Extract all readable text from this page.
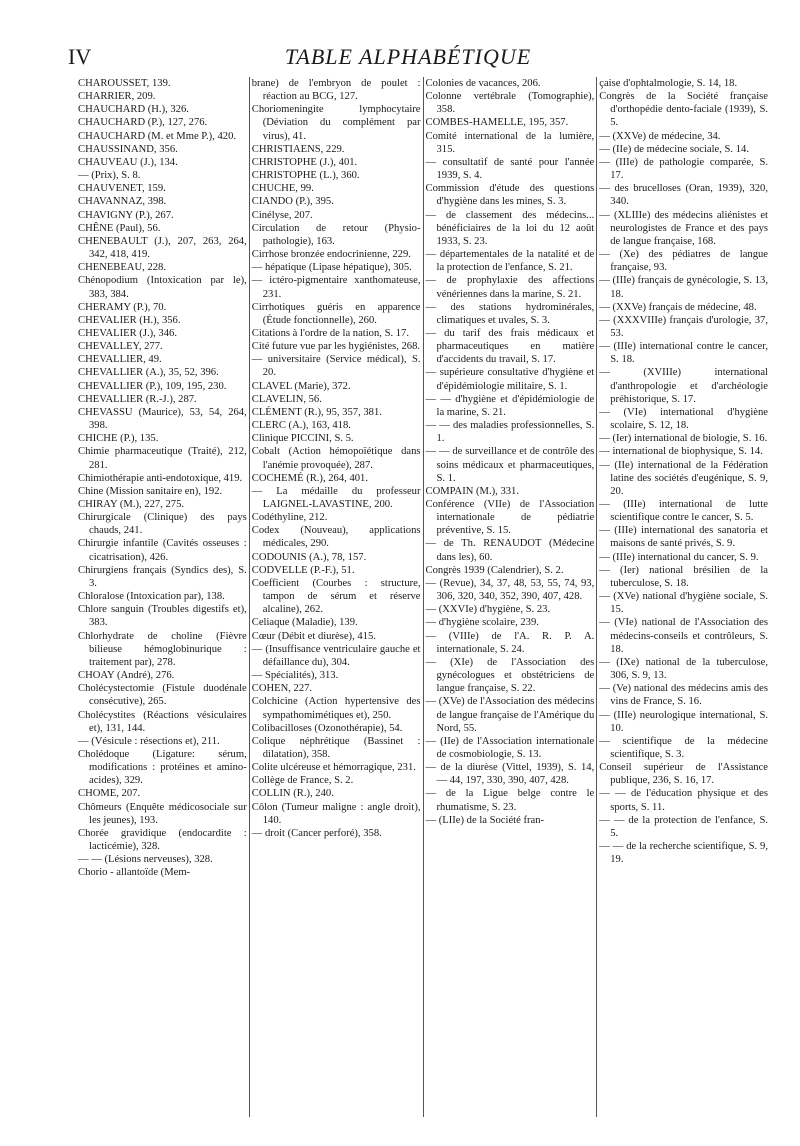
IV	TABLE ALPHABÉTIQUE

CHAROUSSET, 139.

CHARRIER, 209.

CHAUCHARD (H.), 326.

CHAUCHARD (P.), 127, 276.

CHAUCHARD (M. et Mme P.), 420.

CHAUSSINAND, 356.

CHAUVEAU (J.), 134.

— (Prix), S. 8.

CHAUVENET, 159.

CHAVANNAZ, 398.

CHAVIGNY (P.), 267.

CHÊNE (Paul), 56.

CHENEBAULT (J.), 207, 263, 264, 342, 418, 419.

CHENEBEAU, 228.

Chénopodium (Intoxication par le), 383, 384.

CHERAMY (P.), 70.

CHEVALIER (H.), 356.

CHEVALIER (J.), 346.

CHEVALLEY, 277.

CHEVALLIER, 49.

CHEVALLIER (A.), 35, 52, 396.

CHEVALLIER (P.), 109, 195, 230.

CHEVALLIER (R.-J.), 287.

CHEVASSU (Maurice), 53, 54, 264, 398.

CHICHE (P.), 135.

Chimie pharmaceutique (Traité), 212, 281.

Chimiothérapie anti-endotoxique, 419.

Chine (Mission sanitaire en), 192.

CHIRAY (M.), 227, 275.

Chirurgicale (Clinique) des pays chauds, 241.

Chirurgie infantile (Cavités osseuses : cicatrisation), 426.

Chirurgiens français (Syndics des), S. 3.

Chloralose (Intoxication par), 138.

Chlore sanguin (Troubles digestifs et), 383.

Chlorhydrate de choline (Fièvre bilieuse hémoglobinurique : traitement par), 278.

CHOAY (André), 276.

Cholécystectomie (Fistule duodénale consécutive), 265.

Cholécystites (Réactions vésiculaires et), 131, 144.

— (Vésicule : résections et), 211.

Cholédoque (Ligature: sérum, modifications : protéines et amino-acides), 329.

CHOME, 207.

Chômeurs (Enquête médicosociale sur les jeunes), 193.

Chorée gravidique (endocardite : lacticémie), 328.

— — (Lésions nerveuses), 328.

Chorio - allantoïde (Mem-

brane) de l'embryon de poulet : réaction au BCG, 127.

Choriomeningite lymphocytaire (Déviation du complément par virus), 41.

CHRISTIAENS, 229.

CHRISTOPHE (J.), 401.

CHRISTOPHE (L.), 360.

CHUCHE, 99.

CIANDO (P.), 395.

Cinélyse, 207.

Circulation de retour (Physio-pathologie), 163.

Cirrhose bronzée endocrinienne, 229.

— hépatique (Lipase hépatique), 305.

— ictéro-pigmentaire xanthomateuse, 231.

Cirrhotiques guéris en apparence (Étude fonctionnelle), 260.

Citations à l'ordre de la nation, S. 17.

Cité future vue par les hygiénistes, 268.

— universitaire (Service médical), S. 20.

CLAVEL (Marie), 372.

CLAVELIN, 56.

CLÉMENT (R.), 95, 357, 381.

CLERC (A.), 163, 418.

Clinique PICCINI, S. 5.

Cobalt (Action hémopoïétique dans l'anémie provoquée), 287.

COCHEMÉ (R.), 264, 401.

— La médaille du professeur LAIGNEL-LAVASTINE, 200.

Codéthyline, 212.

Codex (Nouveau), applications médicales, 290.

CODOUNIS (A.), 78, 157.

CODVELLE (P.-F.), 51.

Coefficient (Courbes : structure, tampon de sérum et réserve alcaline), 262.

Celiaque (Maladie), 139.

Cœur (Débit et diurèse), 415.

— (Insuffisance ventriculaire gauche et défaillance du), 304.

— Spécialités), 313.

COHEN, 227.

Colchicine (Action hypertensive des sympathomimétiques et), 250.

Colibacilloses (Ozonothérapie), 54.

Colique néphrétique (Bassinet : dilatation), 358.

Colite ulcéreuse et hémorragique, 231.

Collège de France, S. 2.

COLLIN (R.), 240.

Côlon (Tumeur maligne : angle droit), 140.

— droit (Cancer perforé), 358.

Colonies de vacances, 206.

Colonne vertébrale (Tomographie), 358.

COMBES-HAMELLE, 195, 357.

Comité international de la lumière, 315.

— consultatif de santé pour l'année 1939, S. 4.

Commission d'étude des questions d'hygiène dans les mines, S. 3.

— de classement des médecins... bénéficiaires de la loi du 12 août 1933, S. 23.

— départementales de la natalité et de la protection de l'enfance, S. 21.

— de prophylaxie des affections vénériennes dans la marine, S. 21.

— des stations hydrominérales, climatiques et uvales, S. 3.

— du tarif des frais médicaux et pharmaceutiques en matière d'accidents du travail, S. 17.

— supérieure consultative d'hygiène et d'épidémiologie militaire, S. 1.

— — d'hygiène et d'épidémiologie de la marine, S. 21.

— — des maladies professionnelles, S. 1.

— — de surveillance et de contrôle des soins médicaux et pharmaceutiques, S. 1.

COMPAIN (M.), 331.

Conférence (VIIe) de l'Association internationale de pédiatrie préventive, S. 15.

— de Th. RENAUDOT (Médecine dans les), 60.

Congrès 1939 (Calendrier), S. 2.

— (Revue), 34, 37, 48, 53, 55, 74, 93, 306, 320, 340, 352, 390, 407, 428.

— (XXVIe) d'hygiène, S. 23.

— d'hygiène scolaire, 239.

— (VIIIe) de l'A. R. P. A. internationale, S. 24.

— (XIe) de l'Association des gynécologues et obstétriciens de langue française, S. 22.

— (XVe) de l'Association des médecins de langue française de l'Amérique du Nord, 55.

— (IIe) de l'Association internationale de cosmobiologie, S. 13.

— de la diurèse (Vittel, 1939), S. 14, — 44, 197, 330, 390, 407, 428.

— de la Ligue belge contre le rhumatisme, S. 23.

— (LIIe) de la Société fran-

çaise d'ophtalmologie, S. 14, 18.

Congrès de la Société française d'orthopédie dento-faciale (1939), S. 5.

— (XXVe) de médecine, 34.

— (IIe) de médecine sociale, S. 14.

— (IIIe) de pathologie comparée, S. 17.

— des brucelloses (Oran, 1939), 320, 340.

— (XLIIIe) des médecins aliénistes et neurologistes de France et des pays de langue française, 168.

— (Xe) des pédiatres de langue française, 93.

— (IIIe) français de gynécologie, S. 13, 18.

— (XXVe) français de médecine, 48.

— (XXXVIIIe) français d'urologie, 37, 53.

— (IIIe) international contre le cancer, S. 18.

— (XVIIIe) international d'anthropologie et d'archéologie préhistorique, S. 17.

— (VIe) international d'hygiène scolaire, S. 12, 18.

— (Ier) international de biologie, S. 16.

— international de biophysique, S. 14.

— (IIe) international de la Fédération latine des sociétés d'eugénique, S. 9, 20.

— (IIIe) international de lutte scientifique contre le cancer, S. 5.

— (IIIe) international des sanatoria et maisons de santé privés, S. 9.

— (IIIe) international du cancer, S. 9.

— (Ier) national brésilien de la tuberculose, S. 18.

— (XVe) national d'hygiène sociale, S. 15.

— (VIe) national de l'Association des médecins-conseils et contrôleurs, S. 18.

— (IXe) national de la tuberculose, 306, S. 9, 13.

— (Ve) national des médecins amis des vins de France, S. 16.

— (IIIe) neurologique international, S. 10.

— scientifique de la médecine scientifique, S. 3.

Conseil supérieur de l'Assistance publique, 236, S. 16, 17.

— — de l'éducation physique et des sports, S. 11.

— — de la protection de l'enfance, S. 5.

— — de la recherche scientifique, S. 9, 19.
